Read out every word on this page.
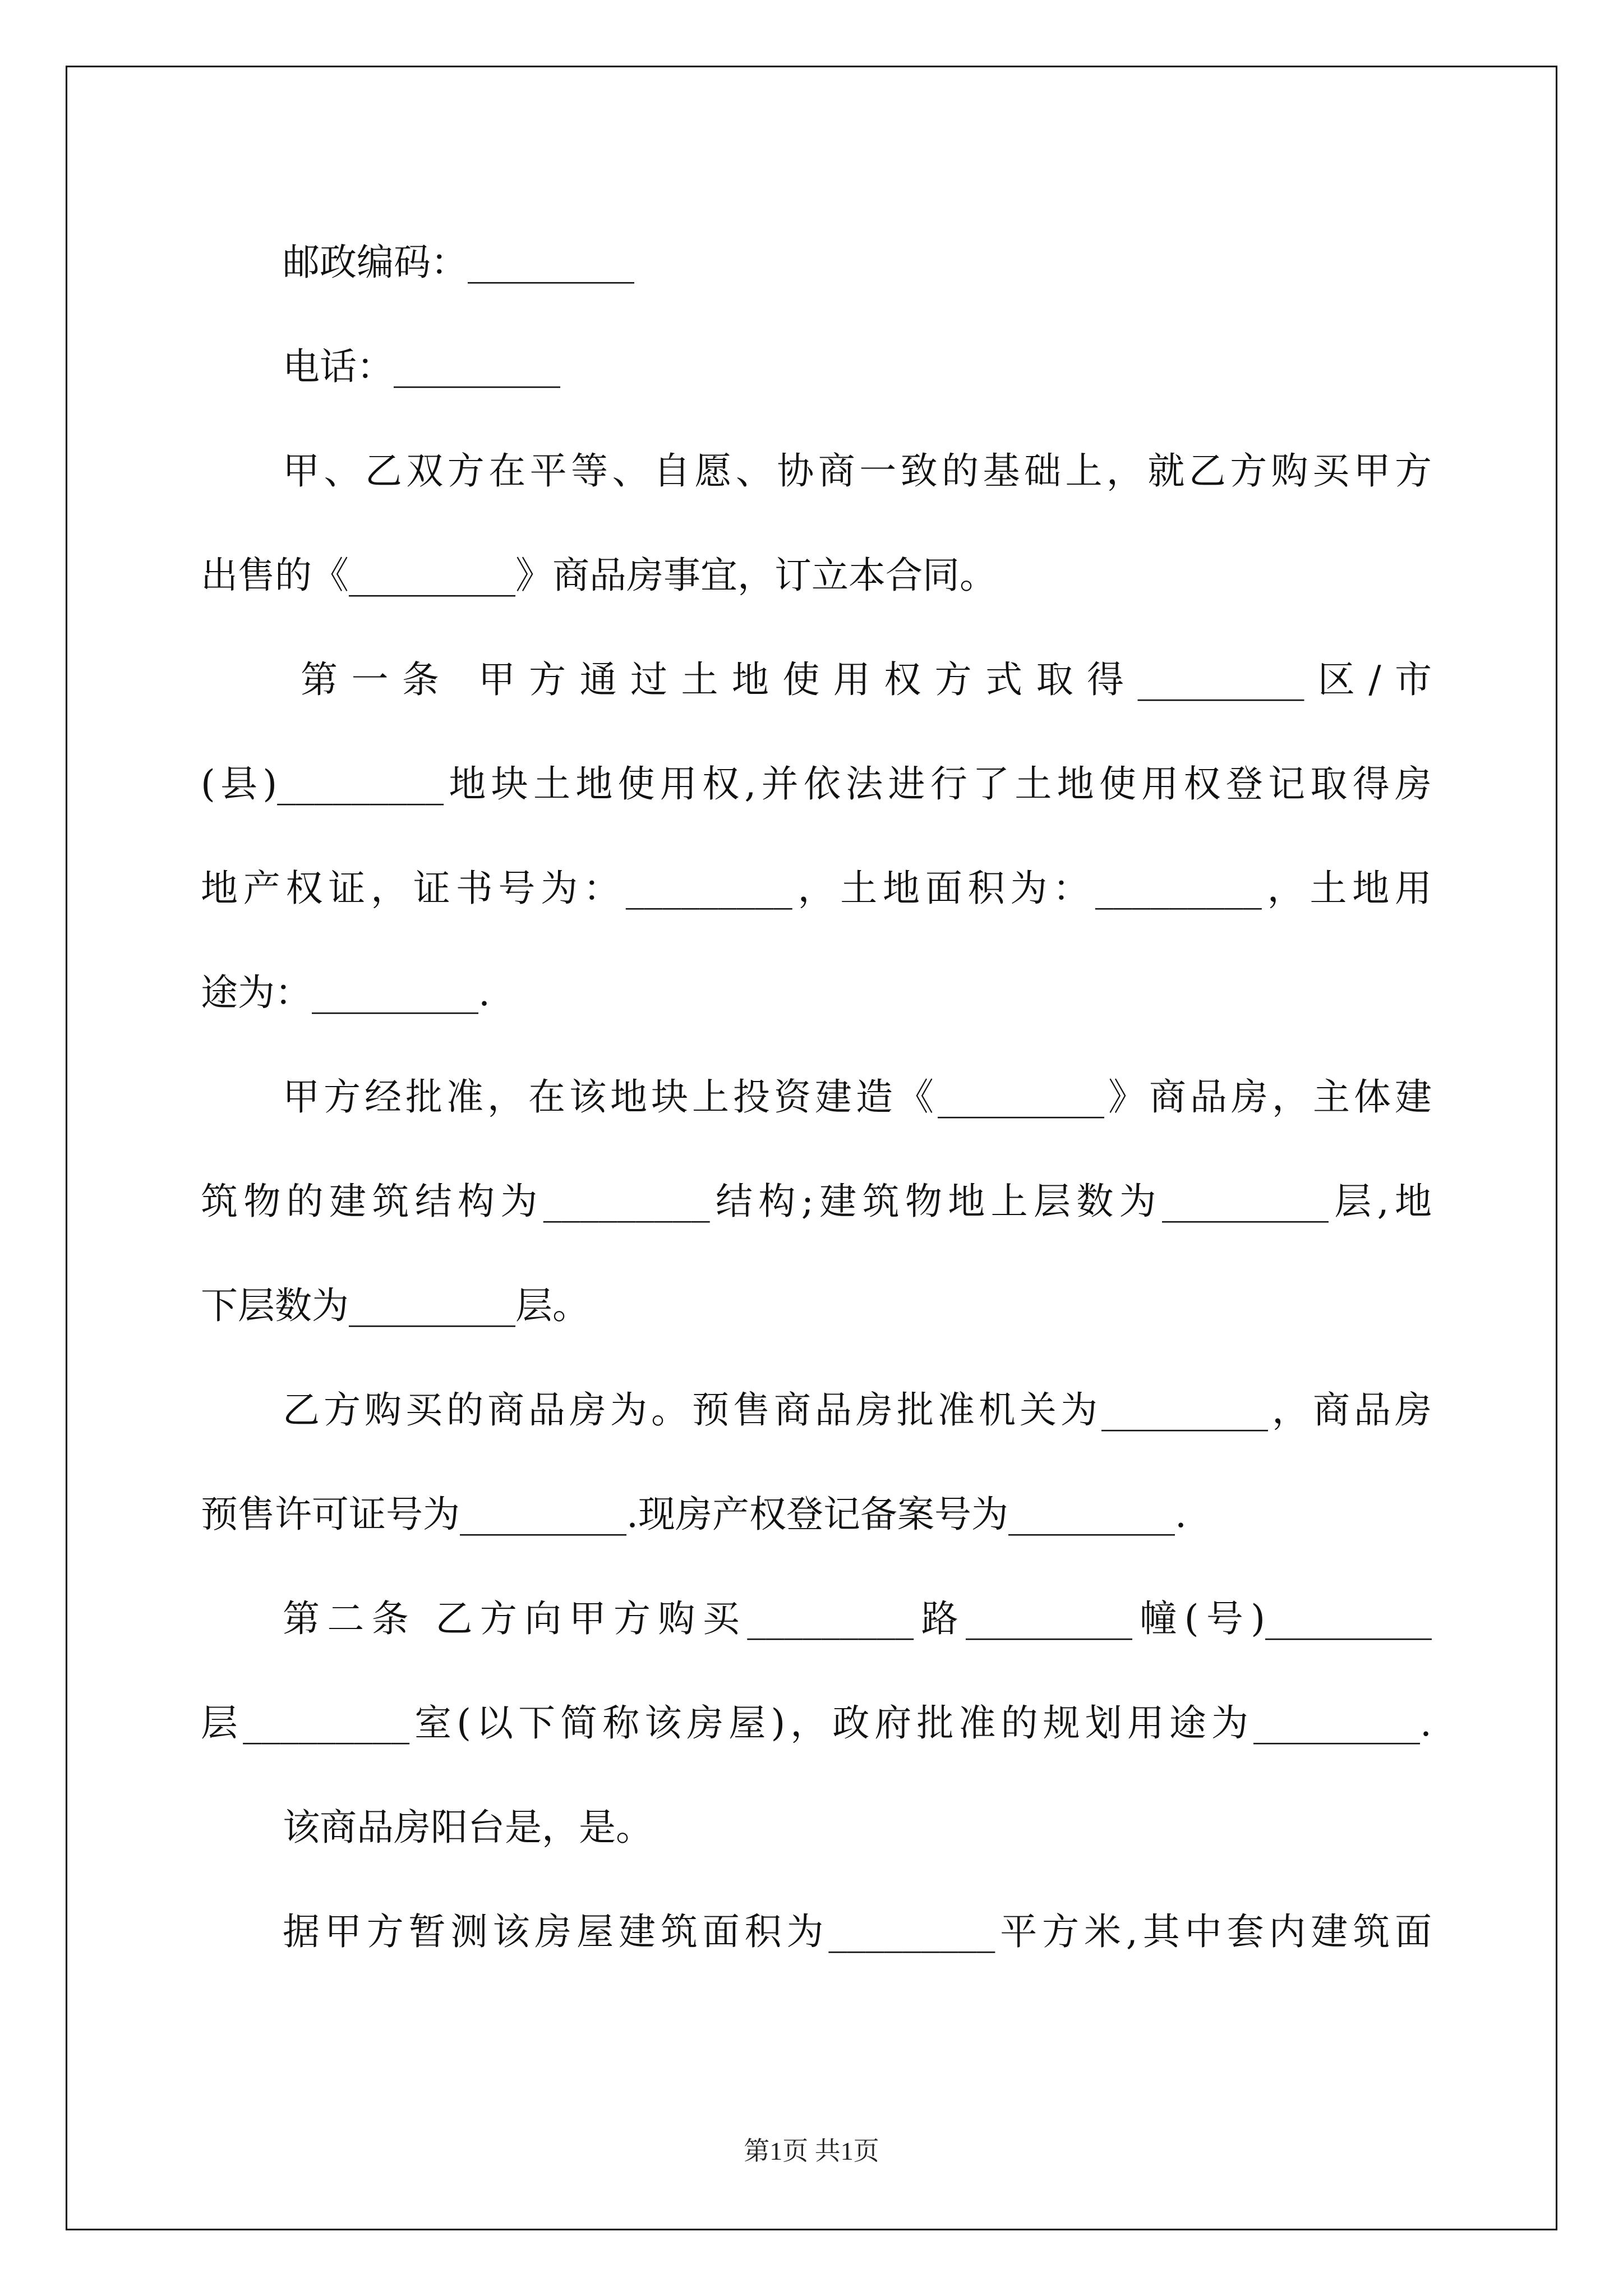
邮政编码：_________
电话：_________
甲、乙双方在平等、自愿、协商一致的基础上，就乙方购买甲方
出售的《_________》商品房事宜，订立本合同。
第一条 甲方通过土地使用权方式取得_________区/市
(县)_________地块土地使用权,并依法进行了土地使用权登记取得房
地产权证，证书号为：_________，土地面积为：_________，土地用
途为：_________.
甲方经批准，在该地块上投资建造《_________》商品房，主体建
筑物的建筑结构为_________结构;建筑物地上层数为_________层,地
下层数为_________层。
乙方购买的商品房为。预售商品房批准机关为_________，商品房
预售许可证号为_________.现房产权登记备案号为_________.
第二条 乙方向甲方购买_________路_________幢(号)_________
层_________室(以下简称该房屋)，政府批准的规划用途为_________.
该商品房阳台是，是。
据甲方暂测该房屋建筑面积为_________平方米,其中套内建筑面
第1页 共1页
